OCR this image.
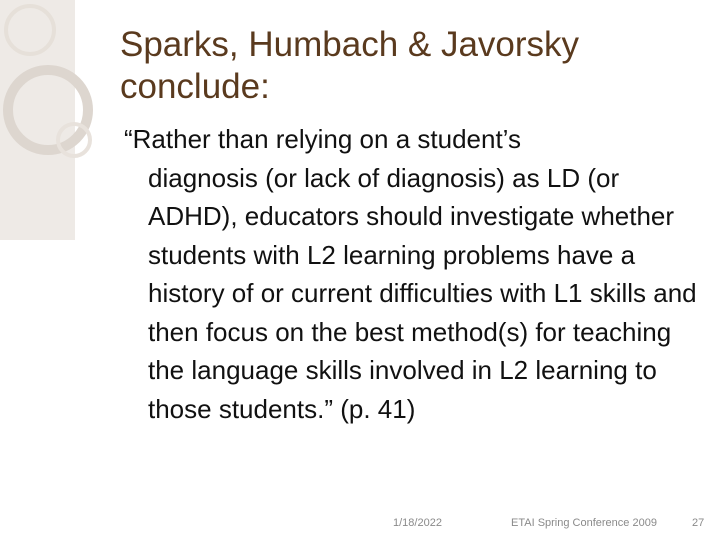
Sparks, Humbach & Javorsky
conclude:
“Rather than relying on a student’s
diagnosis (or lack of diagnosis) as LD (or ADHD), educators should investigate whether students with L2 learning problems have a history of or current difficulties with L1 skills and then focus on the best method(s) for teaching the language skills involved in L2 learning to those students.” (p. 41)
1/18/2022	ETAI Spring Conference 2009	27
